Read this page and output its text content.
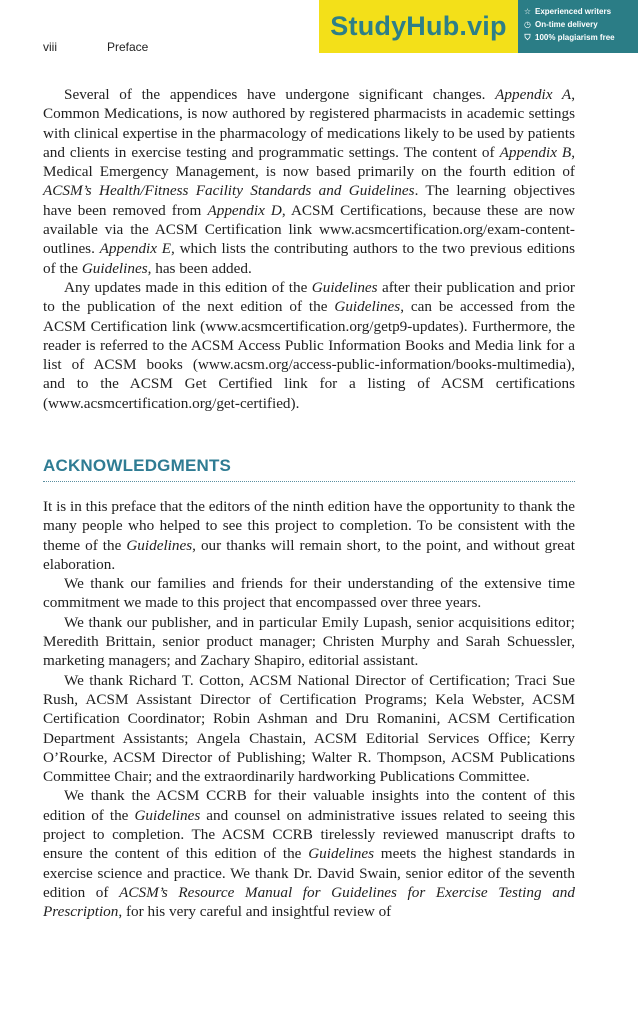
viii	Preface
StudyHub.vip	☆ Experienced writers
◷ On-time delivery
⛉ 100% plagiarism free

Several of the appendices have undergone significant changes. Appendix A, Common Medications, is now authored by registered pharmacists in academic settings with clinical expertise in the pharmacology of medications likely to be used by patients and clients in exercise testing and programmatic settings. The content of Appendix B, Medical Emergency Management, is now based primarily on the fourth edition of ACSM’s Health/Fitness Facility Standards and Guidelines. The learning objectives have been removed from Appendix D, ACSM Certifications, because these are now available via the ACSM Certification link www.acsmcertification.org/exam-content-outlines. Appendix E, which lists the contributing authors to the two previous editions of the Guidelines, has been added.

Any updates made in this edition of the Guidelines after their publication and prior to the publication of the next edition of the Guidelines, can be accessed from the ACSM Certification link (www.acsmcertification.org/getp9-updates). Furthermore, the reader is referred to the ACSM Access Public Information Books and Media link for a list of ACSM books (www.acsm.org/access-public-information/books-multimedia), and to the ACSM Get Certified link for a listing of ACSM certifications (www.acsmcertification.org/get-certified).

ACKNOWLEDGMENTS

It is in this preface that the editors of the ninth edition have the opportunity to thank the many people who helped to see this project to completion. To be consistent with the theme of the Guidelines, our thanks will remain short, to the point, and without great elaboration.

We thank our families and friends for their understanding of the extensive time commitment we made to this project that encompassed over three years.

We thank our publisher, and in particular Emily Lupash, senior acquisitions editor; Meredith Brittain, senior product manager; Christen Murphy and Sarah Schuessler, marketing managers; and Zachary Shapiro, editorial assistant.

We thank Richard T. Cotton, ACSM National Director of Certification; Traci Sue Rush, ACSM Assistant Director of Certification Programs; Kela Webster, ACSM Certification Coordinator; Robin Ashman and Dru Romanini, ACSM Certification Department Assistants; Angela Chastain, ACSM Editorial Services Office; Kerry O’Rourke, ACSM Director of Publishing; Walter R. Thompson, ACSM Publications Committee Chair; and the extraordinarily hardworking Publications Committee.

We thank the ACSM CCRB for their valuable insights into the content of this edition of the Guidelines and counsel on administrative issues related to seeing this project to completion. The ACSM CCRB tirelessly reviewed manuscript drafts to ensure the content of this edition of the Guidelines meets the highest standards in exercise science and practice. We thank Dr. David Swain, senior editor of the seventh edition of ACSM’s Resource Manual for Guidelines for Exercise Testing and Prescription, for his very careful and insightful review of
